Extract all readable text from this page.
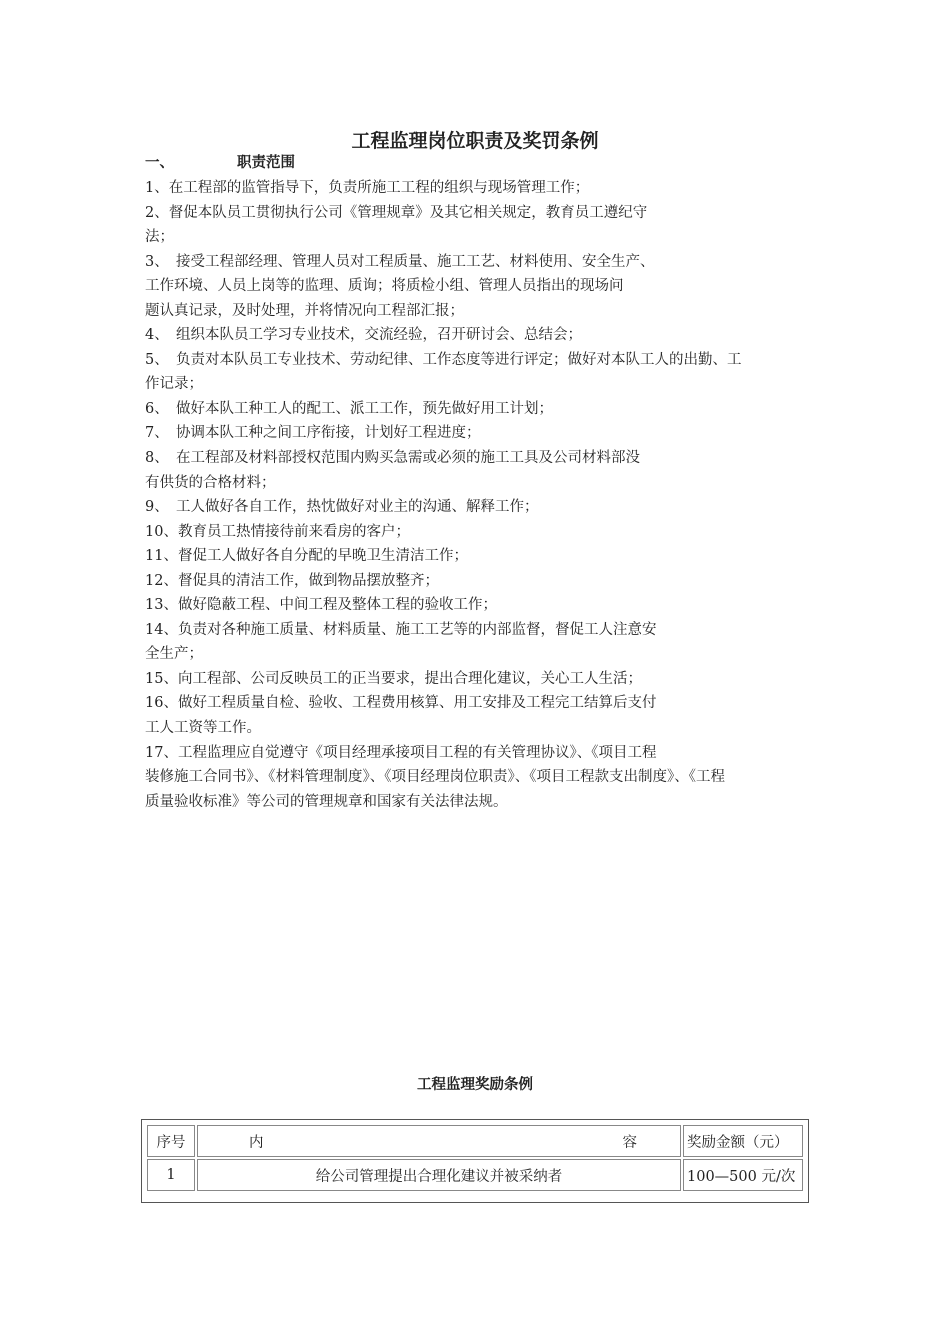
工程监理岗位职责及奖罚条例
一、	职责范围
1、在工程部的监管指导下，负责所施工工程的组织与现场管理工作；
2、督促本队员工贯彻执行公司《管理规章》及其它相关规定，教育员工遵纪守
法；
3、　接受工程部经理、管理人员对工程质量、施工工艺、材料使用、安全生产、
工作环境、人员上岗等的监理、质询；将质检小组、管理人员指出的现场问
题认真记录，及时处理，并将情况向工程部汇报；
4、　组织本队员工学习专业技术，交流经验，召开研讨会、总结会；
5、　负责对本队员工专业技术、劳动纪律、工作态度等进行评定；做好对本队工人的出勤、工
作记录；
6、　做好本队工种工人的配工、派工工作，预先做好用工计划；
7、　协调本队工种之间工序衔接，计划好工程进度；
8、　在工程部及材料部授权范围内购买急需或必须的施工工具及公司材料部没
有供货的合格材料；
9、　工人做好各自工作，热忱做好对业主的沟通、解释工作；
10、教育员工热情接待前来看房的客户；
11、督促工人做好各自分配的早晚卫生清洁工作；
12、督促具的清洁工作，做到物品摆放整齐；
13、做好隐蔽工程、中间工程及整体工程的验收工作；
14、负责对各种施工质量、材料质量、施工工艺等的内部监督，督促工人注意安
全生产；
15、向工程部、公司反映员工的正当要求，提出合理化建议，关心工人生活；
16、做好工程质量自检、验收、工程费用核算、用工安排及工程完工结算后支付
工人工资等工作。
17、工程监理应自觉遵守《项目经理承接项目工程的有关管理协议》、《项目工程
装修施工合同书》、《材料管理制度》、《项目经理岗位职责》、《项目工程款支出制度》、《工程
质量验收标准》等公司的管理规章和国家有关法律法规。
工程监理奖励条例
序号	内 容	奖励金额（元）
1	给公司管理提出合理化建议并被采纳者	100—500 元/次
